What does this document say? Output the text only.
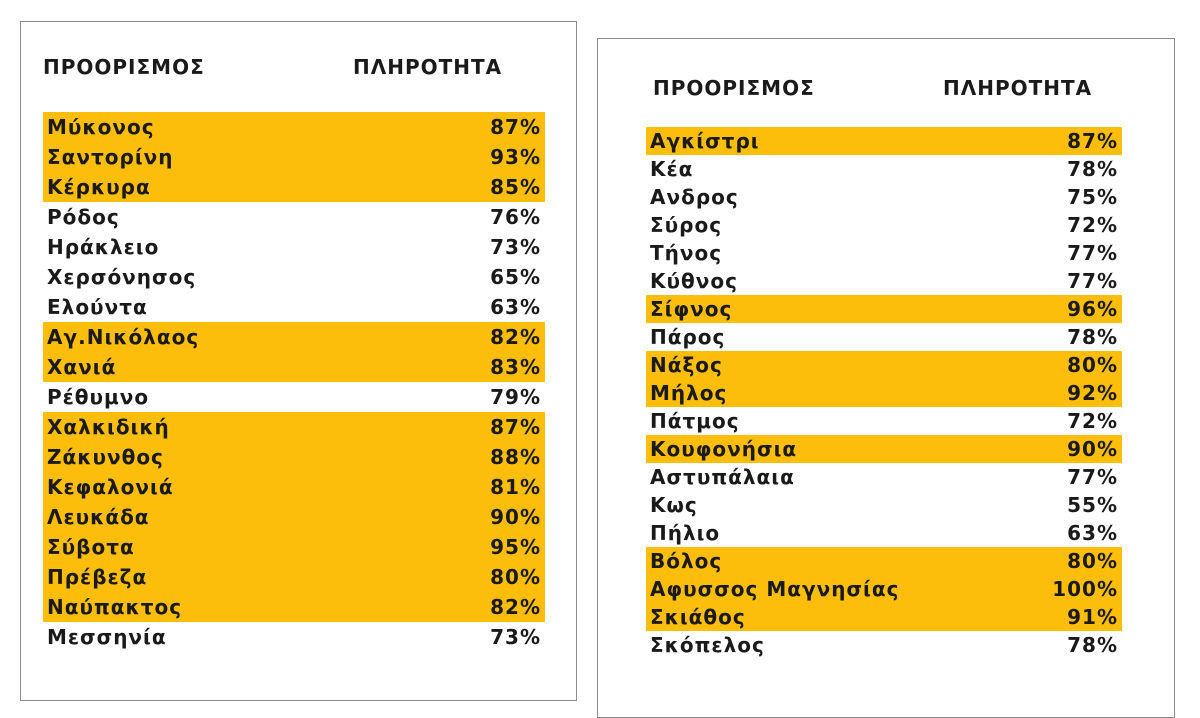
ΠΡΟΟΡΙΣΜΟΣ	ΠΛΗΡΟΤΗΤΑ
Μύκονος	87%
Σαντορίνη	93%
Κέρκυρα	85%
Ρόδος	76%
Ηράκλειο	73%
Χερσόνησος	65%
Ελούντα	63%
Αγ.Νικόλαος	82%
Χανιά	83%
Ρέθυμνο	79%
Χαλκιδική	87%
Ζάκυνθος	88%
Κεφαλονιά	81%
Λευκάδα	90%
Σύβοτα	95%
Πρέβεζα	80%
Ναύπακτος	82%
Μεσσηνία	73%
ΠΡΟΟΡΙΣΜΟΣ	ΠΛΗΡΟΤΗΤΑ
Αγκίστρι	87%
Κέα	78%
Ανδρος	75%
Σύρος	72%
Τήνος	77%
Κύθνος	77%
Σίφνος	96%
Πάρος	78%
Νάξος	80%
Μήλος	92%
Πάτμος	72%
Κουφονήσια	90%
Αστυπάλαια	77%
Κως	55%
Πήλιο	63%
Βόλος	80%
Αφυσσος Μαγνησίας	100%
Σκιάθος	91%
Σκόπελος	78%
